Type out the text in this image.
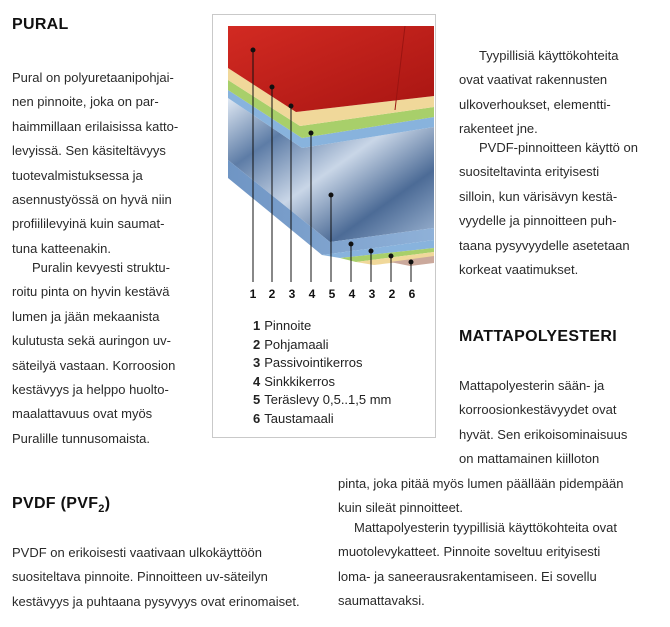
PURAL
Pural on polyuretaanipohjai-
nen pinnoite, joka on par-
haimmillaan erilaisissa katto-
levyissä. Sen käsiteltävyys
tuotevalmistuksessa ja
asennustyössä on hyvä niin
profiililevyinä kuin saumat-
tuna katteenakin.
Puralin kevyesti struktu-
roitu pinta on hyvin kestävä
lumen ja jään mekaanista
kulutusta sekä auringon uv-
säteilyä vastaan. Korroosion
kestävyys ja helppo huolto-
maalattavuus ovat myös
Puralille tunnusomaista.
PVDF $(PVF_2)$
PVDF on erikoisesti vaativaan ulkokäyttöön
suositeltava pinnoite. Pinnoitteen uv-säteilyn
kestävyys ja puhtaana pysyvyys ovat erinomaiset.
Tyypillisiä käyttökohteita
ovat vaativat rakennusten
ulkoverhoukset, elementti-
rakenteet jne.
PVDF-pinnoitteen käyttö on
suositeltavinta erityisesti
silloin, kun värisävyn kestä-
vyydelle ja pinnoitteen puh-
taana pysyvyydelle asetetaan
korkeat vaatimukset.
MATTAPOLYESTERI
Mattapolyesterin sään- ja
korroosionkestävyydet ovat
hyvät. Sen erikoisominaisuus
on mattamainen kiilloton
pinta, joka pitää myös lumen päällään pidempään
kuin sileät pinnoitteet.
Mattapolyesterin tyypillisiä käyttökohteita ovat
muotolevykatteet. Pinnoite soveltuu erityisesti
loma- ja saneerausrakentamiseen. Ei sovellu
saumattavaksi.
1 2 3 4 5 4 3 2 6
1 Pinnoite
2 Pohjamaali
3 Passivointikerros
4 Sinkkikerros
5 Teräslevy 0,5..1,5 mm
6 Taustamaali
